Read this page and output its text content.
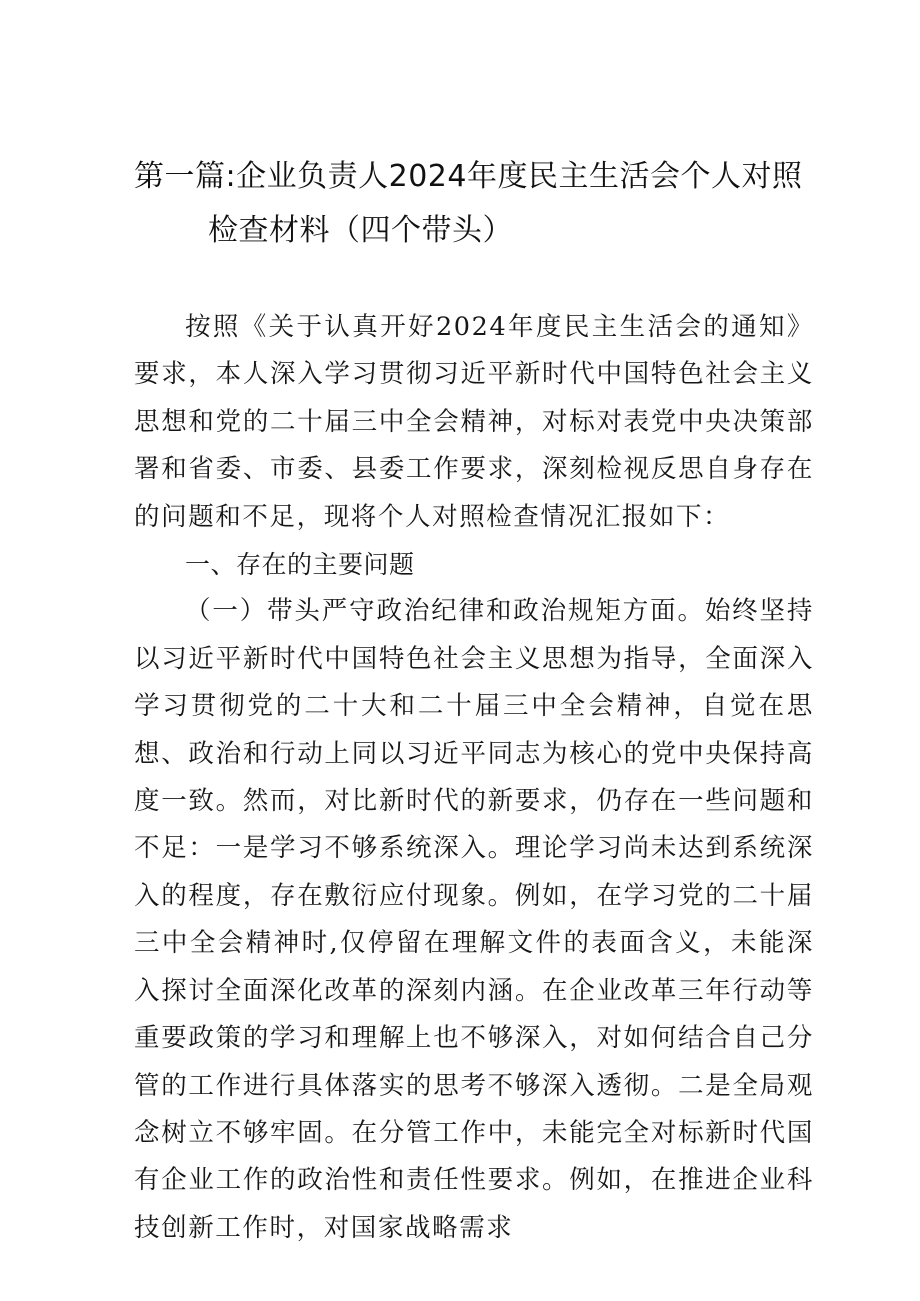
第一篇:企业负责人2024年度民主生活会个人对照
检查材料（四个带头）

按照《关于认真开好2024年度民主生活会的通知》要求，本人深入学习贯彻习近平新时代中国特色社会主义思想和党的二十届三中全会精神，对标对表党中央决策部署和省委、市委、县委工作要求，深刻检视反思自身存在的问题和不足，现将个人对照检查情况汇报如下：

一、存在的主要问题

（一）带头严守政治纪律和政治规矩方面。始终坚持以习近平新时代中国特色社会主义思想为指导，全面深入学习贯彻党的二十大和二十届三中全会精神，自觉在思想、政治和行动上同以习近平同志为核心的党中央保持高度一致。然而，对比新时代的新要求，仍存在一些问题和不足：一是学习不够系统深入。理论学习尚未达到系统深入的程度，存在敷衍应付现象。例如，在学习党的二十届三中全会精神时,仅停留在理解文件的表面含义，未能深入探讨全面深化改革的深刻内涵。在企业改革三年行动等重要政策的学习和理解上也不够深入，对如何结合自己分管的工作进行具体落实的思考不够深入透彻。二是全局观念树立不够牢固。在分管工作中，未能完全对标新时代国有企业工作的政治性和责任性要求。例如，在推进企业科技创新工作时，对国家战略需求
